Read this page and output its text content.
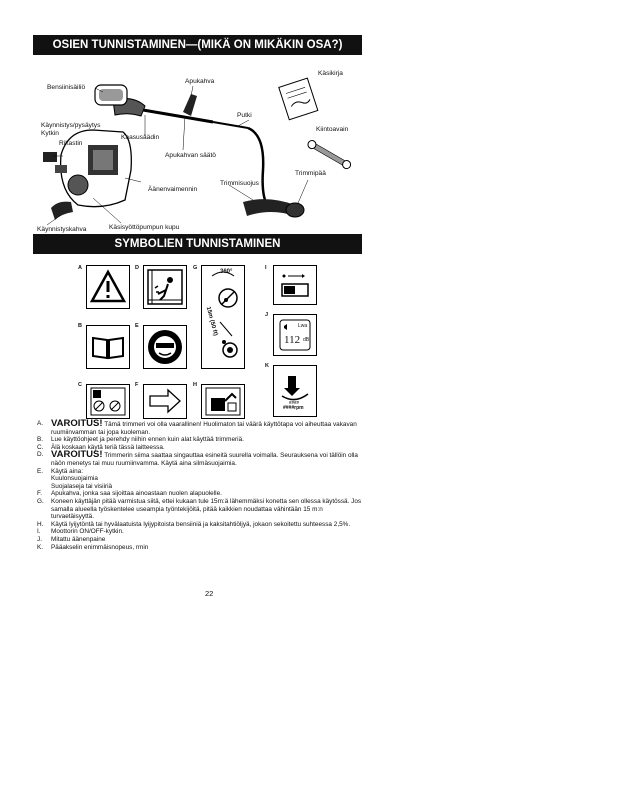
OSIEN TUNNISTAMINEN—(MIKÄ ON MIKÄKIN OSA?)
Käsikirja
Apukahva
Bensiinisäiliö
Putki
Käynnistys/pysäytys
Kytkin
Kiintoavain
Kaasusäädin
Rikastin
Apukahvan säätö
Trimmipää
Trimmisuojus
Äänenvaimennin
Käynnistyskahva	Käsisyöttöpumpun kupu
SYMBOLIEN TUNNISTAMINEN
A
B
C
D
E
F
G
360°
15m (50 ft)
H
I
J
Lwa
112 dB
K
####
####rpm
A. VAROITUS! Tämä trimmeri voi olla vaarallinen! Huolimaton tai väärä käyttötapa voi aiheuttaa vakavan ruumiinvamman tai jopa kuoleman.
B.	Lue käyttöohjeet ja perehdy niihin ennen kuin alat käyttää trimmeriä.
C.	Älä koskaan käytä teriä tässä laitteessa.
D. VAROITUS! Trimmerin siima saattaa singauttaa esineitä suurella voimalla. Seurauksena voi tällöin olla näön menetys tai muu ruumiinvamma. Käytä aina silmäsuojaimia.
E.	Käytä aina:
Kuulonsuojaimia
Suojalaseja tai visiiriä
F.	Apukahva, jonka saa sijoittaa ainoastaan nuolen alapuolelle.
G.	Koneen käyttäjän pitää varmistua siitä, ettei kukaan tule 15m:ä lähemmäksi konetta sen ollessa käytössä. Jos samalla alueella työskentelee useampia työntekijöitä, pitää kaikkien noudattaa vähintään 15 m:n turvaetäisyyttä.
H.	Käytä lyijytöntä tai hyvälaatuista lyijypitoista bensiiniä ja kaksitahtiöljyä, jokaon sekoitettu suhteessa 2,5%.
I.	Moottorin ON/OFF-kytkin.
J.	Mitattu äänenpaine
K.	Pääakselin enimmäisnopeus, rmin
22
